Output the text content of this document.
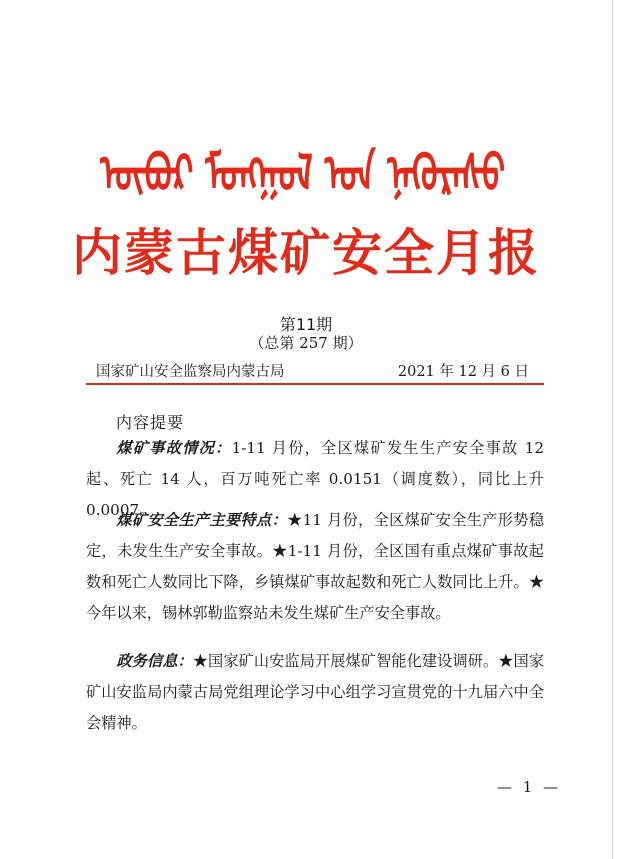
ᠥᠪᠦᠷ ᠮᠣᠩᠭᠣᠯ ᠤᠨ ᠨᠡᠭᠦᠷᠡᠰᠦ
内蒙古煤矿安全月报
第11期
（总第 257 期）
国家矿山安全监察局内蒙古局	2021 年 12 月 6 日
内容提要
煤矿事故情况：1-11 月份，全区煤矿发生生产安全事故 12 起、死亡 14 人，百万吨死亡率 0.0151（调度数），同比上升 0.0007。
煤矿安全生产主要特点：★11 月份，全区煤矿安全生产形势稳定，未发生生产安全事故。★1-11 月份，全区国有重点煤矿事故起数和死亡人数同比下降，乡镇煤矿事故起数和死亡人数同比上升。★今年以来，锡林郭勒监察站未发生煤矿生产安全事故。
政务信息：★国家矿山安监局开展煤矿智能化建设调研。★国家矿山安监局内蒙古局党组理论学习中心组学习宣贯党的十九届六中全会精神。
— 1 —
